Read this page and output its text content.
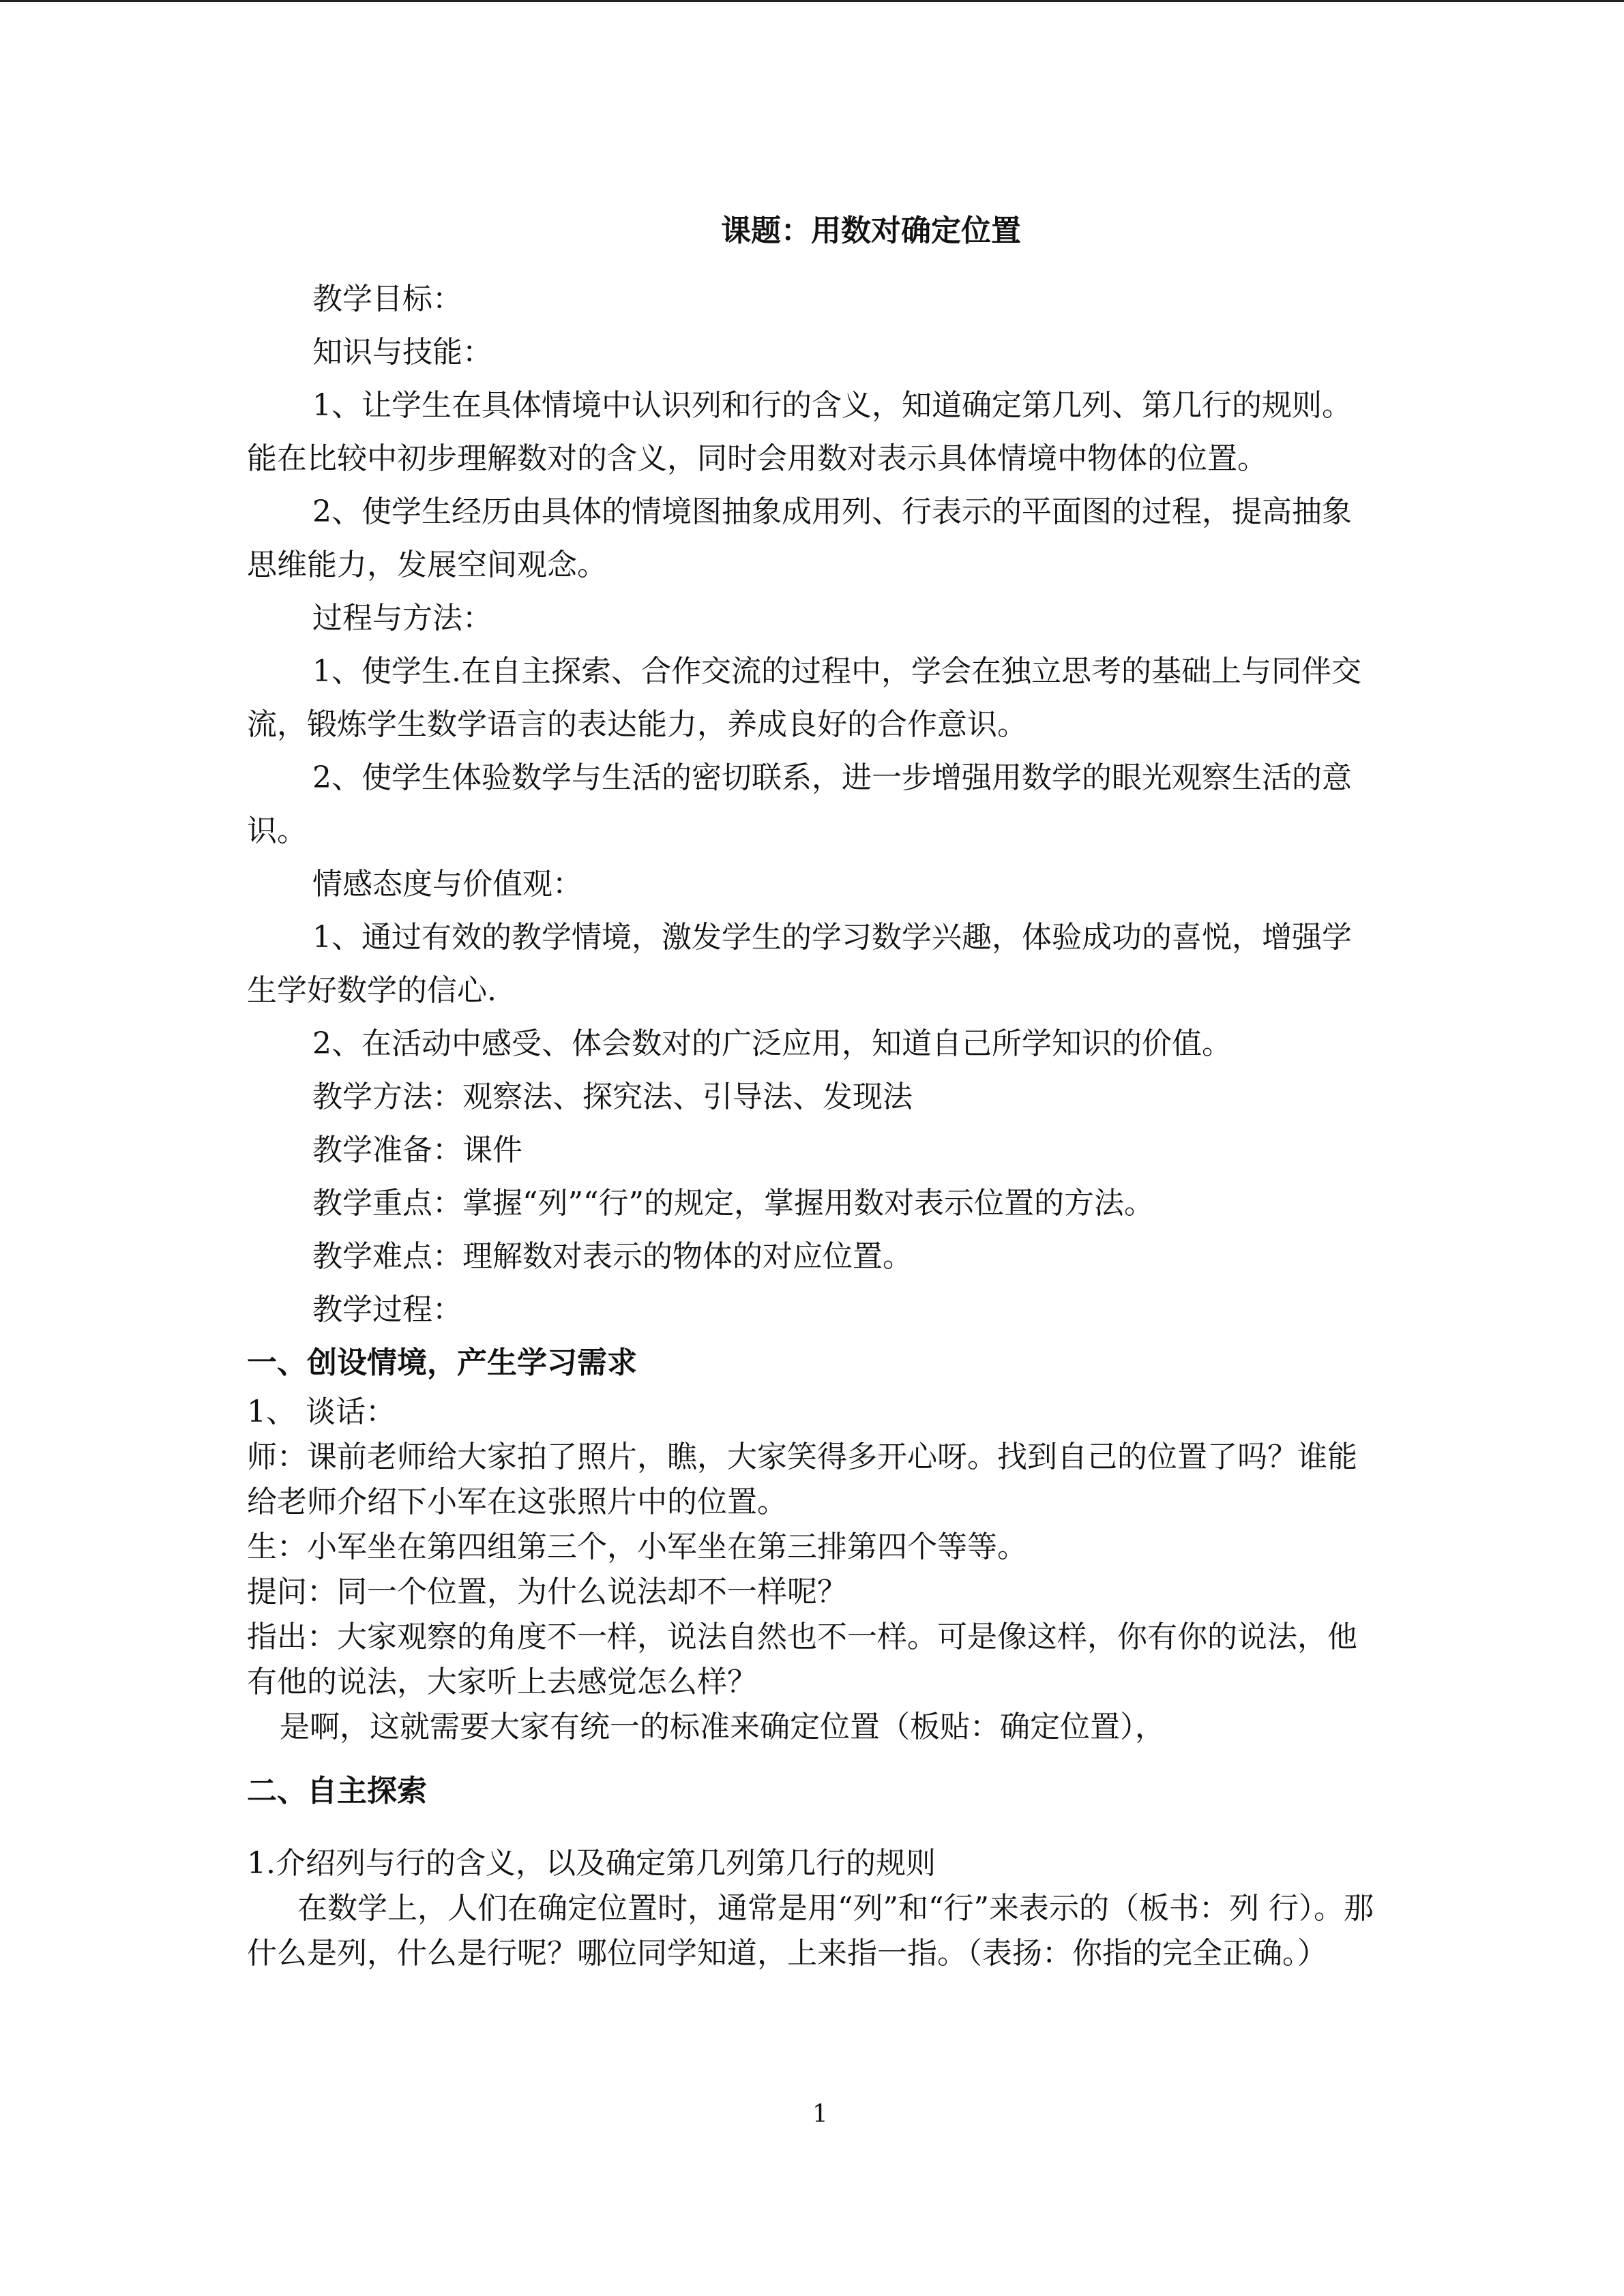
课题：用数对确定位置

教学目标：

知识与技能：

1、让学生在具体情境中认识列和行的含义，知道确定第几列、第几行的规则。能在比较中初步理解数对的含义，同时会用数对表示具体情境中物体的位置。

2、使学生经历由具体的情境图抽象成用列、行表示的平面图的过程，提高抽象思维能力，发展空间观念。

过程与方法：

1、使学生.在自主探索、合作交流的过程中，学会在独立思考的基础上与同伴交流，锻炼学生数学语言的表达能力，养成良好的合作意识。

2、使学生体验数学与生活的密切联系，进一步增强用数学的眼光观察生活的意识。

情感态度与价值观：

1、通过有效的教学情境，激发学生的学习数学兴趣，体验成功的喜悦，增强学生学好数学的信心.

2、在活动中感受、体会数对的广泛应用，知道自己所学知识的价值。

教学方法：观察法、探究法、引导法、发现法

教学准备：课件

教学重点：掌握“列”“行”的规定，掌握用数对表示位置的方法。

教学难点：理解数对表示的物体的对应位置。

教学过程：

一、创设情境，产生学习需求

1、 谈话：

师：课前老师给大家拍了照片，瞧，大家笑得多开心呀。找到自己的位置了吗？谁能给老师介绍下小军在这张照片中的位置。

生：小军坐在第四组第三个，小军坐在第三排第四个等等。

提问：同一个位置，为什么说法却不一样呢？

指出：大家观察的角度不一样，说法自然也不一样。可是像这样，你有你的说法，他有他的说法，大家听上去感觉怎么样？

是啊，这就需要大家有统一的标准来确定位置（板贴：确定位置），

二、自主探索

1.介绍列与行的含义，以及确定第几列第几行的规则

在数学上，人们在确定位置时，通常是用“列”和“行”来表示的（板书：列 行）。那什么是列，什么是行呢？哪位同学知道，上来指一指。（表扬：你指的完全正确。）

1
